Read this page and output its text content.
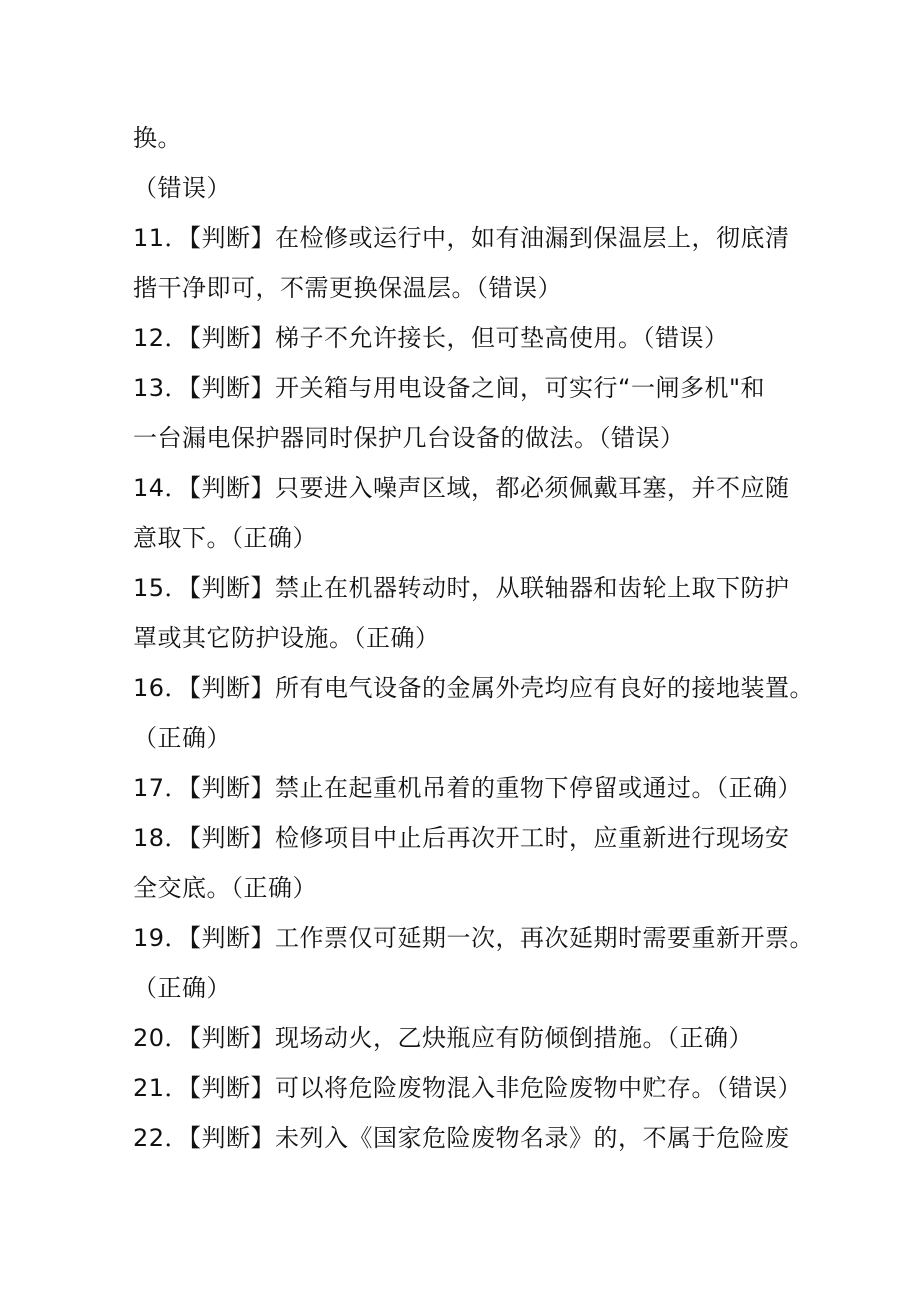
换。
（错误）
11．【判断】在检修或运行中，如有油漏到保温层上，彻底清
揩干净即可，不需更换保温层。（错误）
12．【判断】梯子不允许接长，但可垫高使用。（错误）
13．【判断】开关箱与用电设备之间，可实行“一闸多机"和
一台漏电保护器同时保护几台设备的做法。（错误）
14．【判断】只要进入噪声区域，都必须佩戴耳塞，并不应随
意取下。（正确）
15．【判断】禁止在机器转动时，从联轴器和齿轮上取下防护
罩或其它防护设施。（正确）
16．【判断】所有电气设备的金属外壳均应有良好的接地装置。
（正确）
17．【判断】禁止在起重机吊着的重物下停留或通过。（正确）
18．【判断】检修项目中止后再次开工时，应重新进行现场安
全交底。（正确）
19．【判断】工作票仅可延期一次，再次延期时需要重新开票。
（正确）
20．【判断】现场动火，乙炔瓶应有防倾倒措施。（正确）
21．【判断】可以将危险废物混入非危险废物中贮存。（错误）
22．【判断】未列入《国家危险废物名录》的，不属于危险废
